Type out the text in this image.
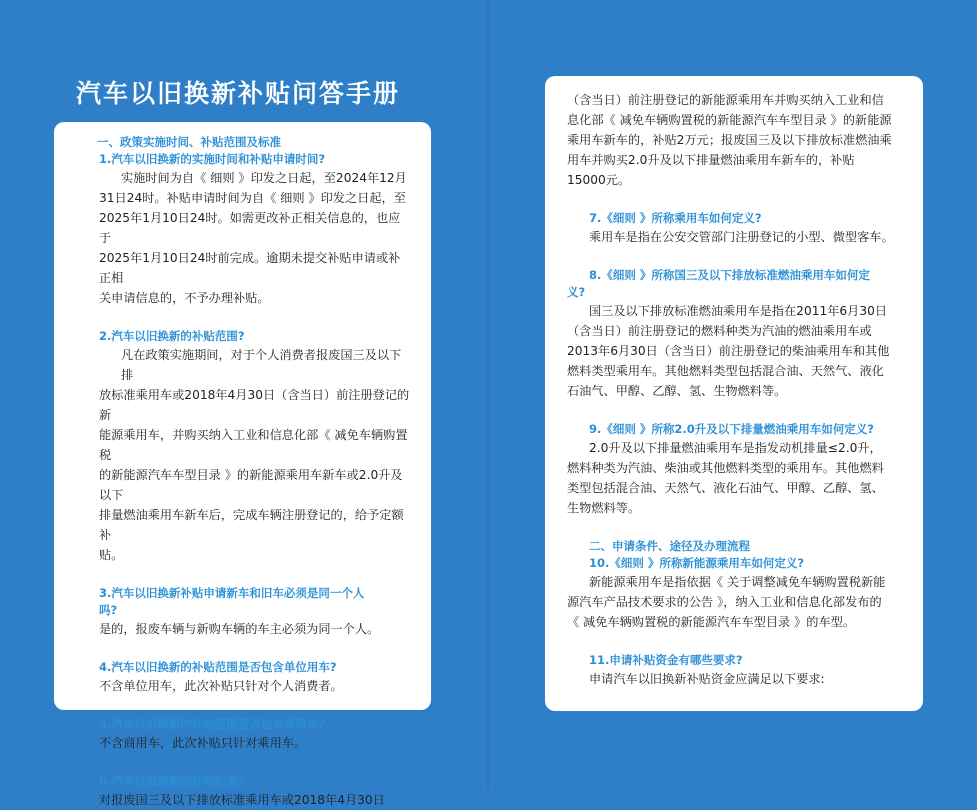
汽车以旧换新补贴问答手册
一、政策实施时间、补贴范围及标准
1.汽车以旧换新的实施时间和补贴申请时间?
实施时间为自《 细则 》印发之日起，至2024年12月
31日24时。补贴申请时间为自《 细则 》印发之日起，至
2025年1月10日24时。如需更改补正相关信息的，也应于
2025年1月10日24时前完成。逾期未提交补贴申请或补正相
关申请信息的，不予办理补贴。
2.汽车以旧换新的补贴范围?
凡在政策实施期间，对于个人消费者报废国三及以下排
放标准乘用车或2018年4月30日（含当日）前注册登记的新
能源乘用车，并购买纳入工业和信息化部《 减免车辆购置税
的新能源汽车车型目录 》的新能源乘用车新车或2.0升及以下
排量燃油乘用车新车后，完成车辆注册登记的，给予定额补
贴。
3.汽车以旧换新补贴申请新车和旧车必须是同一个人
吗?
是的，报废车辆与新购车辆的车主必须为同一个人。
4.汽车以旧换新的补贴范围是否包含单位用车?
不含单位用车，此次补贴只针对个人消费者。
5.汽车以旧换新的补贴范围是否包含商用车?
不含商用车，此次补贴只针对乘用车。
6.汽车以旧换新的补贴标准?
对报废国三及以下排放标准乘用车或2018年4月30日
（含当日）前注册登记的新能源乘用车并购买纳入工业和信
息化部《 减免车辆购置税的新能源汽车车型目录 》的新能源
乘用车新车的，补贴2万元；报废国三及以下排放标准燃油乘
用车并购买2.0升及以下排量燃油乘用车新车的，补贴
15000元。
7.《细则 》所称乘用车如何定义?
乘用车是指在公安交管部门注册登记的小型、微型客车。
8.《细则 》所称国三及以下排放标准燃油乘用车如何定
义?
国三及以下排放标准燃油乘用车是指在2011年6月30日
（含当日）前注册登记的燃料种类为汽油的燃油乘用车或
2013年6月30日（含当日）前注册登记的柴油乘用车和其他
燃料类型乘用车。其他燃料类型包括混合油、天然气、液化
石油气、甲醇、乙醇、氢、生物燃料等。
9.《细则 》所称2.0升及以下排量燃油乘用车如何定义?
2.0升及以下排量燃油乘用车是指发动机排量≤2.0升，
燃料种类为汽油、柴油或其他燃料类型的乘用车。其他燃料
类型包括混合油、天然气、液化石油气、甲醇、乙醇、氢、
生物燃料等。
二、申请条件、途径及办理流程
10.《细则 》所称新能源乘用车如何定义?
新能源乘用车是指依据《 关于调整减免车辆购置税新能
源汽车产品技术要求的公告 》，纳入工业和信息化部发布的
《 减免车辆购置税的新能源汽车车型目录 》的车型。
11.申请补贴资金有哪些要求?
申请汽车以旧换新补贴资金应满足以下要求:
